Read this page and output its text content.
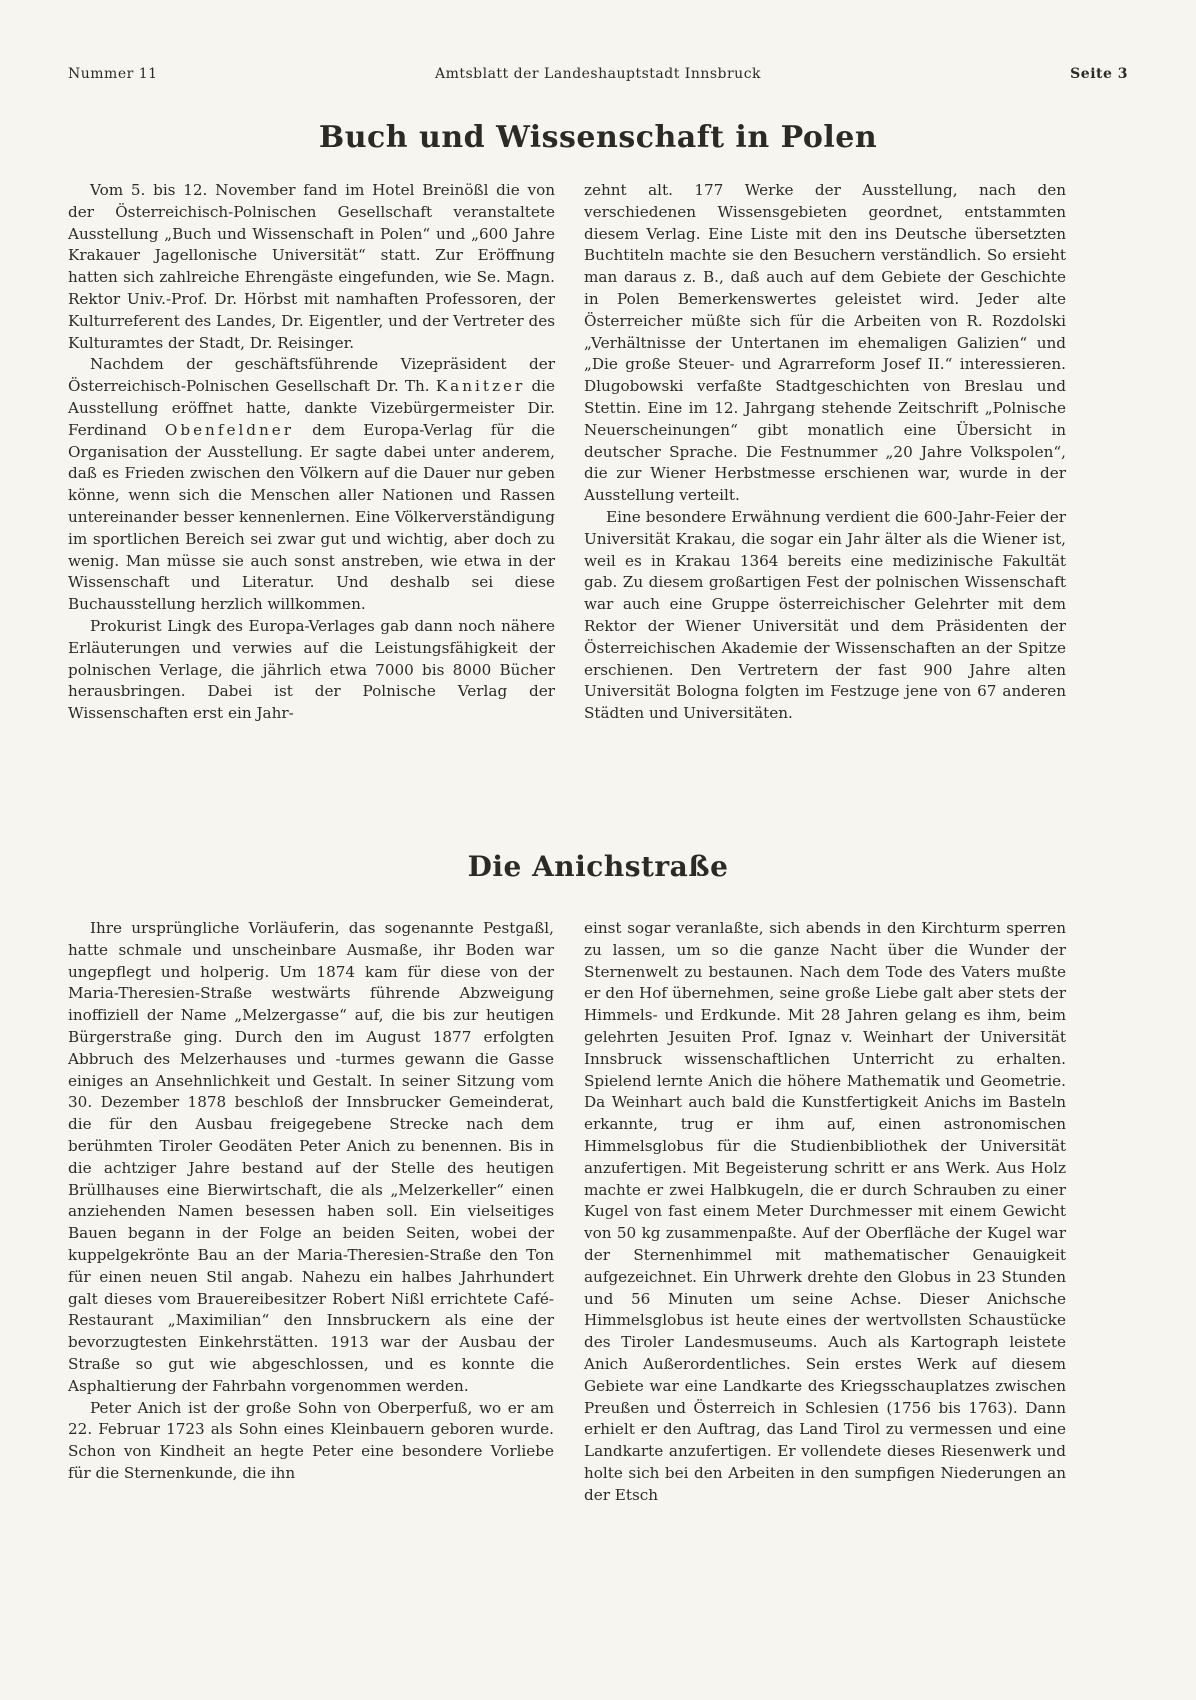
Nummer 11	Amtsblatt der Landeshauptstadt Innsbruck	Seite 3
Buch und Wissenschaft in Polen

Vom 5. bis 12. November fand im Hotel Breinößl die von der Österreichisch-Polnischen Gesellschaft veranstaltete Ausstellung „Buch und Wissenschaft in Polen“ und „600 Jahre Krakauer Jagellonische Universität“ statt. Zur Eröffnung hatten sich zahlreiche Ehrengäste eingefunden, wie Se. Magn. Rektor Univ.-Prof. Dr. Hörbst mit namhaften Professoren, der Kulturreferent des Landes, Dr. Eigentler, und der Vertreter des Kulturamtes der Stadt, Dr. Reisinger.

Nachdem der geschäftsführende Vizepräsident der Österreichisch-Polnischen Gesellschaft Dr. Th. Kanitzer die Ausstellung eröffnet hatte, dankte Vizebürgermeister Dir. Ferdinand Obenfeldner dem Europa-Verlag für die Organisation der Ausstellung. Er sagte dabei unter anderem, daß es Frieden zwischen den Völkern auf die Dauer nur geben könne, wenn sich die Menschen aller Nationen und Rassen untereinander besser kennenlernen. Eine Völkerverständigung im sportlichen Bereich sei zwar gut und wichtig, aber doch zu wenig. Man müsse sie auch sonst anstreben, wie etwa in der Wissenschaft und Literatur. Und deshalb sei diese Buchausstellung herzlich willkommen.

Prokurist Lingk des Europa-Verlages gab dann noch nähere Erläuterungen und verwies auf die Leistungsfähigkeit der polnischen Verlage, die jährlich etwa 7000 bis 8000 Bücher herausbringen. Dabei ist der Polnische Verlag der Wissenschaften erst ein Jahr-

zehnt alt. 177 Werke der Ausstellung, nach den verschiedenen Wissensgebieten geordnet, entstammten diesem Verlag. Eine Liste mit den ins Deutsche übersetzten Buchtiteln machte sie den Besuchern verständlich. So ersieht man daraus z. B., daß auch auf dem Gebiete der Geschichte in Polen Bemerkenswertes geleistet wird. Jeder alte Österreicher müßte sich für die Arbeiten von R. Rozdolski „Verhältnisse der Untertanen im ehemaligen Galizien“ und „Die große Steuer- und Agrarreform Josef II.“ interessieren. Dlugobowski verfaßte Stadtgeschichten von Breslau und Stettin. Eine im 12. Jahrgang stehende Zeitschrift „Polnische Neuerscheinungen“ gibt monatlich eine Übersicht in deutscher Sprache. Die Festnummer „20 Jahre Volkspolen“, die zur Wiener Herbstmesse erschienen war, wurde in der Ausstellung verteilt.

Eine besondere Erwähnung verdient die 600-Jahr-Feier der Universität Krakau, die sogar ein Jahr älter als die Wiener ist, weil es in Krakau 1364 bereits eine medizinische Fakultät gab. Zu diesem großartigen Fest der polnischen Wissenschaft war auch eine Gruppe österreichischer Gelehrter mit dem Rektor der Wiener Universität und dem Präsidenten der Österreichischen Akademie der Wissenschaften an der Spitze erschienen. Den Vertretern der fast 900 Jahre alten Universität Bologna folgten im Festzuge jene von 67 anderen Städten und Universitäten.

Die Anichstraße

Ihre ursprüngliche Vorläuferin, das sogenannte Pestgaßl, hatte schmale und unscheinbare Ausmaße, ihr Boden war ungepflegt und holperig. Um 1874 kam für diese von der Maria-Theresien-Straße westwärts führende Abzweigung inoffiziell der Name „Melzergasse“ auf, die bis zur heutigen Bürgerstraße ging. Durch den im August 1877 erfolgten Abbruch des Melzerhauses und -turmes gewann die Gasse einiges an Ansehnlichkeit und Gestalt. In seiner Sitzung vom 30. Dezember 1878 beschloß der Innsbrucker Gemeinderat, die für den Ausbau freigegebene Strecke nach dem berühmten Tiroler Geodäten Peter Anich zu benennen. Bis in die achtziger Jahre bestand auf der Stelle des heutigen Brüllhauses eine Bierwirtschaft, die als „Melzerkeller“ einen anziehenden Namen besessen haben soll. Ein vielseitiges Bauen begann in der Folge an beiden Seiten, wobei der kuppelgekrönte Bau an der Maria-Theresien-Straße den Ton für einen neuen Stil angab. Nahezu ein halbes Jahrhundert galt dieses vom Brauereibesitzer Robert Nißl errichtete Café-Restaurant „Maximilian“ den Innsbruckern als eine der bevorzugtesten Einkehrstätten. 1913 war der Ausbau der Straße so gut wie abgeschlossen, und es konnte die Asphaltierung der Fahrbahn vorgenommen werden.

Peter Anich ist der große Sohn von Oberperfuß, wo er am 22. Februar 1723 als Sohn eines Kleinbauern geboren wurde. Schon von Kindheit an hegte Peter eine besondere Vorliebe für die Sternenkunde, die ihn

einst sogar veranlaßte, sich abends in den Kirchturm sperren zu lassen, um so die ganze Nacht über die Wunder der Sternenwelt zu bestaunen. Nach dem Tode des Vaters mußte er den Hof übernehmen, seine große Liebe galt aber stets der Himmels- und Erdkunde. Mit 28 Jahren gelang es ihm, beim gelehrten Jesuiten Prof. Ignaz v. Weinhart der Universität Innsbruck wissenschaftlichen Unterricht zu erhalten. Spielend lernte Anich die höhere Mathematik und Geometrie. Da Weinhart auch bald die Kunstfertigkeit Anichs im Basteln erkannte, trug er ihm auf, einen astronomischen Himmelsglobus für die Studienbibliothek der Universität anzufertigen. Mit Begeisterung schritt er ans Werk. Aus Holz machte er zwei Halbkugeln, die er durch Schrauben zu einer Kugel von fast einem Meter Durchmesser mit einem Gewicht von 50 kg zusammenpaßte. Auf der Oberfläche der Kugel war der Sternenhimmel mit mathematischer Genauigkeit aufgezeichnet. Ein Uhrwerk drehte den Globus in 23 Stunden und 56 Minuten um seine Achse. Dieser Anichsche Himmelsglobus ist heute eines der wertvollsten Schaustücke des Tiroler Landesmuseums. Auch als Kartograph leistete Anich Außerordentliches. Sein erstes Werk auf diesem Gebiete war eine Landkarte des Kriegsschauplatzes zwischen Preußen und Österreich in Schlesien (1756 bis 1763). Dann erhielt er den Auftrag, das Land Tirol zu vermessen und eine Landkarte anzufertigen. Er vollendete dieses Riesenwerk und holte sich bei den Arbeiten in den sumpfigen Niederungen an der Etsch
